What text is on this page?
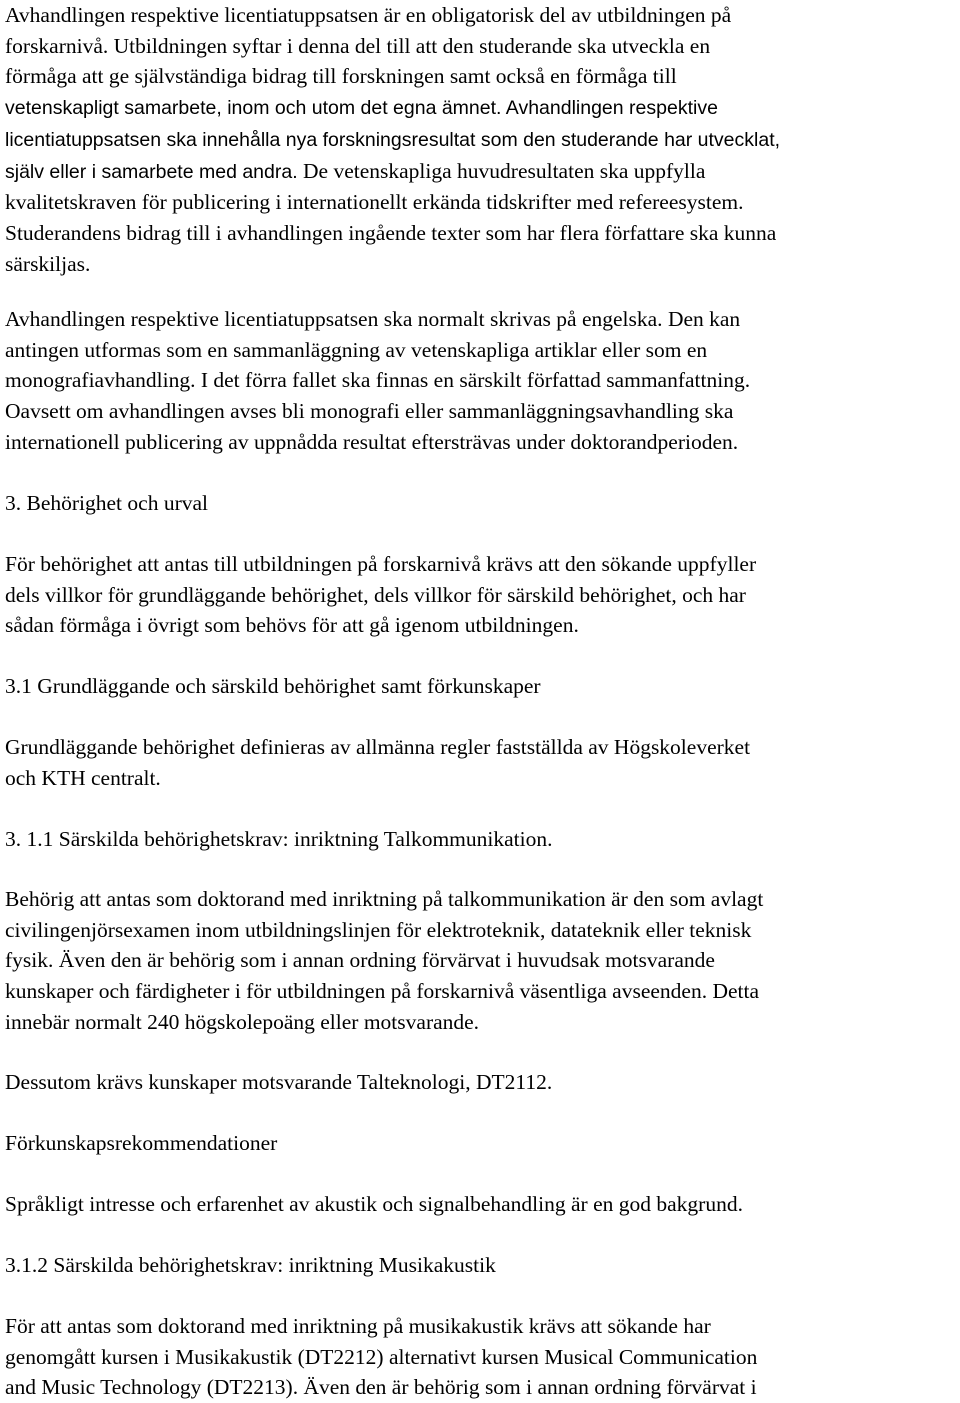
Avhandlingen respektive licentiatuppsatsen är en obligatorisk del av utbildningen på
forskarnivå. Utbildningen syftar i denna del till att den studerande ska utveckla en
förmåga att ge självständiga bidrag till forskningen samt också en förmåga till
vetenskapligt samarbete, inom och utom det egna ämnet. Avhandlingen respektive
licentiatuppsatsen ska innehålla nya forskningsresultat som den studerande har utvecklat,
själv eller i samarbete med andra. De vetenskapliga huvudresultaten ska uppfylla
kvalitetskraven för publicering i internationellt erkända tidskrifter med refereesystem.
Studerandens bidrag till i avhandlingen ingående texter som har flera författare ska kunna
särskiljas.
Avhandlingen respektive licentiatuppsatsen ska normalt skrivas på engelska. Den kan
antingen utformas som en sammanläggning av vetenskapliga artiklar eller som en
monografiavhandling. I det förra fallet ska finnas en särskilt författad sammanfattning.
Oavsett om avhandlingen avses bli monografi eller sammanläggningsavhandling ska
internationell publicering av uppnådda resultat eftersträvas under doktorandperioden.
3. Behörighet och urval
För behörighet att antas till utbildningen på forskarnivå krävs att den sökande uppfyller
dels villkor för grundläggande behörighet, dels villkor för särskild behörighet, och har
sådan förmåga i övrigt som behövs för att gå igenom utbildningen.
3.1 Grundläggande och särskild behörighet samt förkunskaper
Grundläggande behörighet definieras av allmänna regler fastställda av Högskoleverket
och KTH centralt.
3. 1.1 Särskilda behörighetskrav: inriktning Talkommunikation.
Behörig att antas som doktorand med inriktning på talkommunikation är den som avlagt
civilingenjörsexamen inom utbildningslinjen för elektroteknik, datateknik eller teknisk
fysik. Även den är behörig som i annan ordning förvärvat i huvudsak motsvarande
kunskaper och färdigheter i för utbildningen på forskarnivå väsentliga avseenden. Detta
innebär normalt 240 högskolepoäng eller motsvarande.
Dessutom krävs kunskaper motsvarande Talteknologi, DT2112.
Förkunskapsrekommendationer
Språkligt intresse och erfarenhet av akustik och signalbehandling är en god bakgrund.
3.1.2 Särskilda behörighetskrav: inriktning Musikakustik
För att antas som doktorand med inriktning på musikakustik krävs att sökande har
genomgått kursen i Musikakustik (DT2212) alternativt kursen Musical Communication
and Music Technology (DT2213). Även den är behörig som i annan ordning förvärvat i
